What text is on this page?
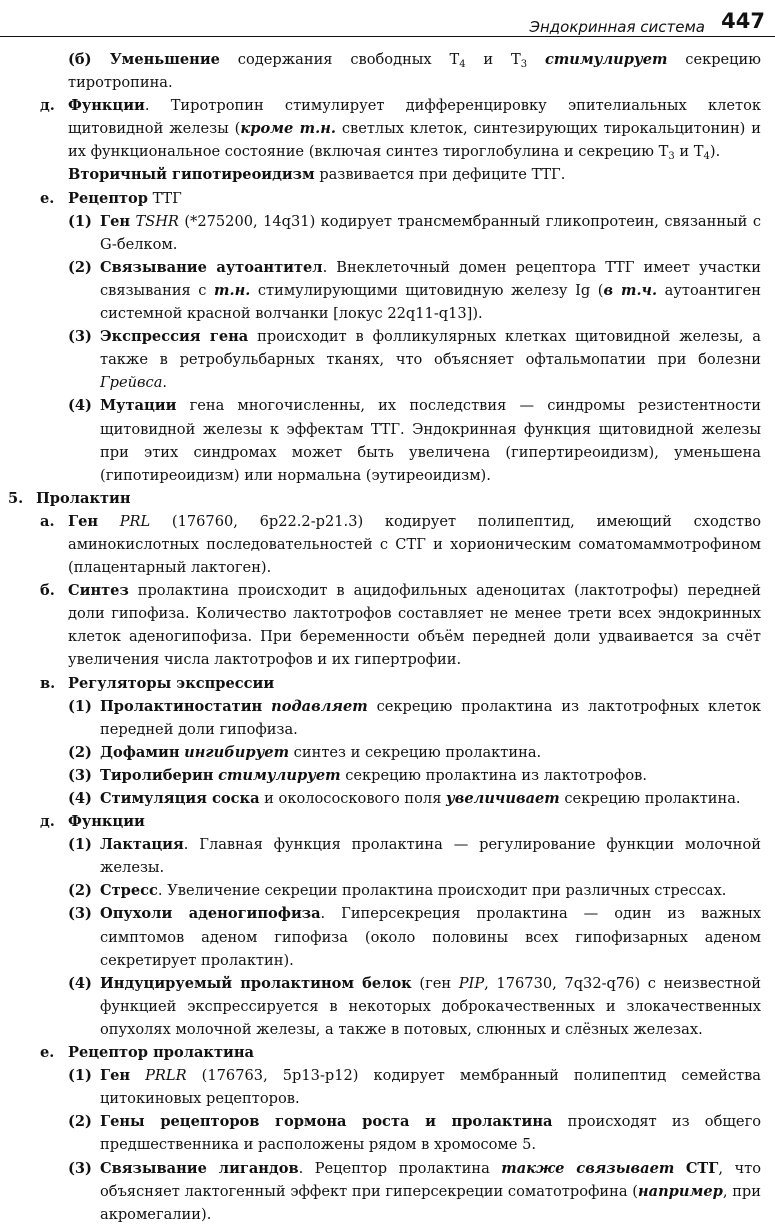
Эндокринная система 447
(б) Уменьшение содержания свободных $T_4$ и $T_3$ стимулирует секрецию тиротропина.
д. Функции. Тиротропин стимулирует дифференцировку эпителиальных клеток щитовидной железы (кроме т.н. светлых клеток, синтезирующих тирокальцитонин) и их функциональное состояние (включая синтез тироглобулина и секрецию $T_3$ и $T_4$).
Вторичный гипотиреоидизм развивается при дефиците ТТГ.
е. Рецептор ТТГ
(1) Ген TSHR (*275200, 14q31) кодирует трансмембранный гликопротеин, связанный с G-белком.
(2) Связывание аутоантител. Внеклеточный домен рецептора ТТГ имеет участки связывания с т.н. стимулирующими щитовидную железу Ig (в т.ч. аутоантиген системной красной волчанки [локус 22q11-q13]).
(3) Экспрессия гена происходит в фолликулярных клетках щитовидной железы, а также в ретробульбарных тканях, что объясняет офтальмопатии при болезни Грейвса.
(4) Мутации гена многочисленны, их последствия — синдромы резистентности щитовидной железы к эффектам ТТГ. Эндокринная функция щитовидной железы при этих синдромах может быть увеличена (гипертиреоидизм), уменьшена (гипотиреоидизм) или нормальна (эутиреоидизм).
5. Пролактин
а. Ген PRL (176760, 6p22.2-p21.3) кодирует полипептид, имеющий сходство аминокислотных последовательностей с СТГ и хорионическим соматомаммотрофином (плацентарный лактоген).
б. Синтез пролактина происходит в ацидофильных аденоцитах (лактотрофы) передней доли гипофиза. Количество лактотрофов составляет не менее трети всех эндокринных клеток аденогипофиза. При беременности объём передней доли удваивается за счёт увеличения числа лактотрофов и их гипертрофии.
в. Регуляторы экспрессии
(1) Пролактиностатин подавляет секрецию пролактина из лактотрофных клеток передней доли гипофиза.
(2) Дофамин ингибирует синтез и секрецию пролактина.
(3) Тиролиберин стимулирует секрецию пролактина из лактотрофов.
(4) Стимуляция соска и околососкового поля увеличивает секрецию пролактина.
д. Функции
(1) Лактация. Главная функция пролактина — регулирование функции молочной железы.
(2) Стресс. Увеличение секреции пролактина происходит при различных стрессах.
(3) Опухоли аденогипофиза. Гиперсекреция пролактина — один из важных симптомов аденом гипофиза (около половины всех гипофизарных аденом секретирует пролактин).
(4) Индуцируемый пролактином белок (ген PIP, 176730, 7q32-q76) с неизвестной функцией экспрессируется в некоторых доброкачественных и злокачественных опухолях молочной железы, а также в потовых, слюнных и слёзных железах.
е. Рецептор пролактина
(1) Ген PRLR (176763, 5p13-p12) кодирует мембранный полипептид семейства цитокиновых рецепторов.
(2) Гены рецепторов гормона роста и пролактина происходят из общего предшественника и расположены рядом в хромосоме 5.
(3) Связывание лигандов. Рецептор пролактина также связывает СТГ, что объясняет лактогенный эффект при гиперсекреции соматотрофина (например, при акромегалии).
